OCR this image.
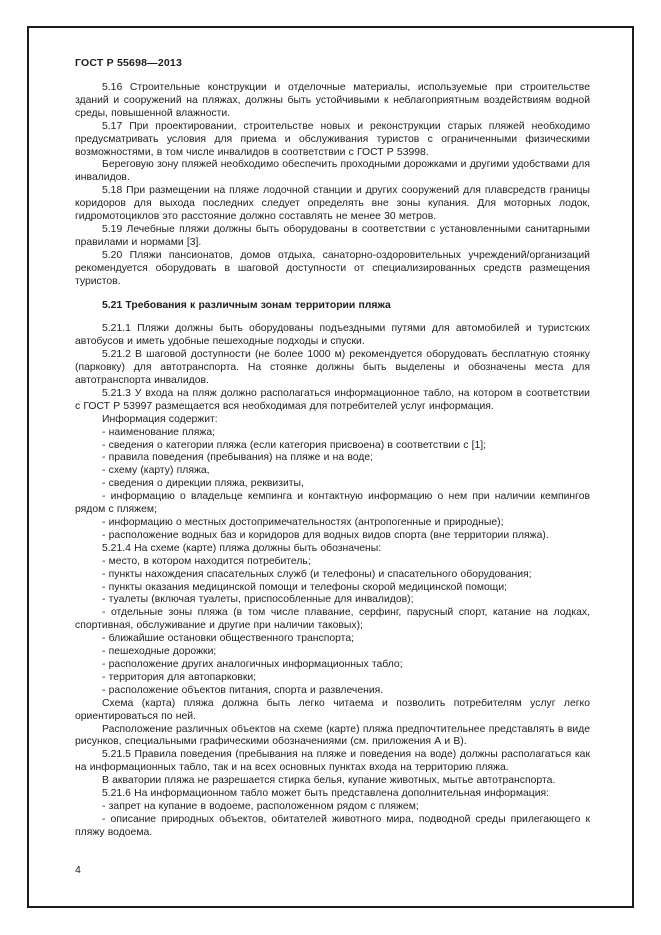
ГОСТ Р 55698—2013

5.16 Строительные конструкции и отделочные материалы, используемые при строительстве зданий и сооружений на пляжах, должны быть устойчивыми к неблагоприятным воздействиям водной среды, повышенной влажности.

5.17 При проектировании, строительстве новых и реконструкции старых пляжей необходимо предусматривать условия для приема и обслуживания туристов с ограниченными физическими возможностями, в том числе инвалидов в соответствии с ГОСТ Р 53998.

Береговую зону пляжей необходимо обеспечить проходными дорожками и другими удобствами для инвалидов.

5.18 При размещении на пляже лодочной станции и других сооружений для плавсредств границы коридоров для выхода последних следует определять вне зоны купания. Для моторных лодок, гидромотоциклов это расстояние должно составлять не менее 30 метров.

5.19 Лечебные пляжи должны быть оборудованы в соответствии с установленными санитарными правилами и нормами [3].

5.20 Пляжи пансионатов, домов отдыха, санаторно-оздоровительных учреждений/организаций рекомендуется оборудовать в шаговой доступности от специализированных средств размещения туристов.

5.21 Требования к различным зонам территории пляжа

5.21.1 Пляжи должны быть оборудованы подъездными путями для автомобилей и туристских автобусов и иметь удобные пешеходные подходы и спуски.

5.21.2 В шаговой доступности (не более 1000 м) рекомендуется оборудовать бесплатную стоянку (парковку) для автотранспорта. На стоянке должны быть выделены и обозначены места для автотранспорта инвалидов.

5.21.3 У входа на пляж должно располагаться информационное табло, на котором в соответствии с ГОСТ Р 53997 размещается вся необходимая для потребителей услуг информация.

Информация содержит:

- наименование пляжа;

- сведения о категории пляжа (если категория присвоена) в соответствии с [1];

- правила поведения (пребывания) на пляже и на воде;

- схему (карту) пляжа,

- сведения о дирекции пляжа, реквизиты,

- информацию о владельце кемпинга и контактную информацию о нем при наличии кемпингов рядом с пляжем;

- информацию о местных достопримечательностях (антропогенные и природные);

- расположение водных баз и коридоров для водных видов спорта (вне территории пляжа).

5.21.4 На схеме (карте) пляжа должны быть обозначены:

- место, в котором находится потребитель;

- пункты нахождения спасательных служб (и телефоны) и спасательного оборудования;

- пункты оказания медицинской помощи и телефоны скорой медицинской помощи;

- туалеты (включая туалеты, приспособленные для инвалидов);

- отдельные зоны пляжа (в том числе плавание, серфинг, парусный спорт, катание на лодках, спортивная, обслуживание и другие при наличии таковых);

- ближайшие остановки общественного транспорта;

- пешеходные дорожки;

- расположение других аналогичных информационных табло;

- территория для автопарковки;

- расположение объектов питания, спорта и развлечения.

Схема (карта) пляжа должна быть легко читаема и позволить потребителям услуг легко ориентироваться по ней.

Расположение различных объектов на схеме (карте) пляжа предпочтительнее представлять в виде рисунков, специальными графическими обозначениями (см. приложения А и В).

5.21.5 Правила поведения (пребывания на пляже и поведения на воде) должны располагаться как на информационных табло, так и на всех основных пунктах входа на территорию пляжа.

В акватории пляжа не разрешается стирка белья, купание животных, мытье автотранспорта.

5.21.6 На информационном табло может быть представлена дополнительная информация:

- запрет на купание в водоеме, расположенном рядом с пляжем;

- описание природных объектов, обитателей животного мира, подводной среды прилегающего к пляжу водоема.

4
